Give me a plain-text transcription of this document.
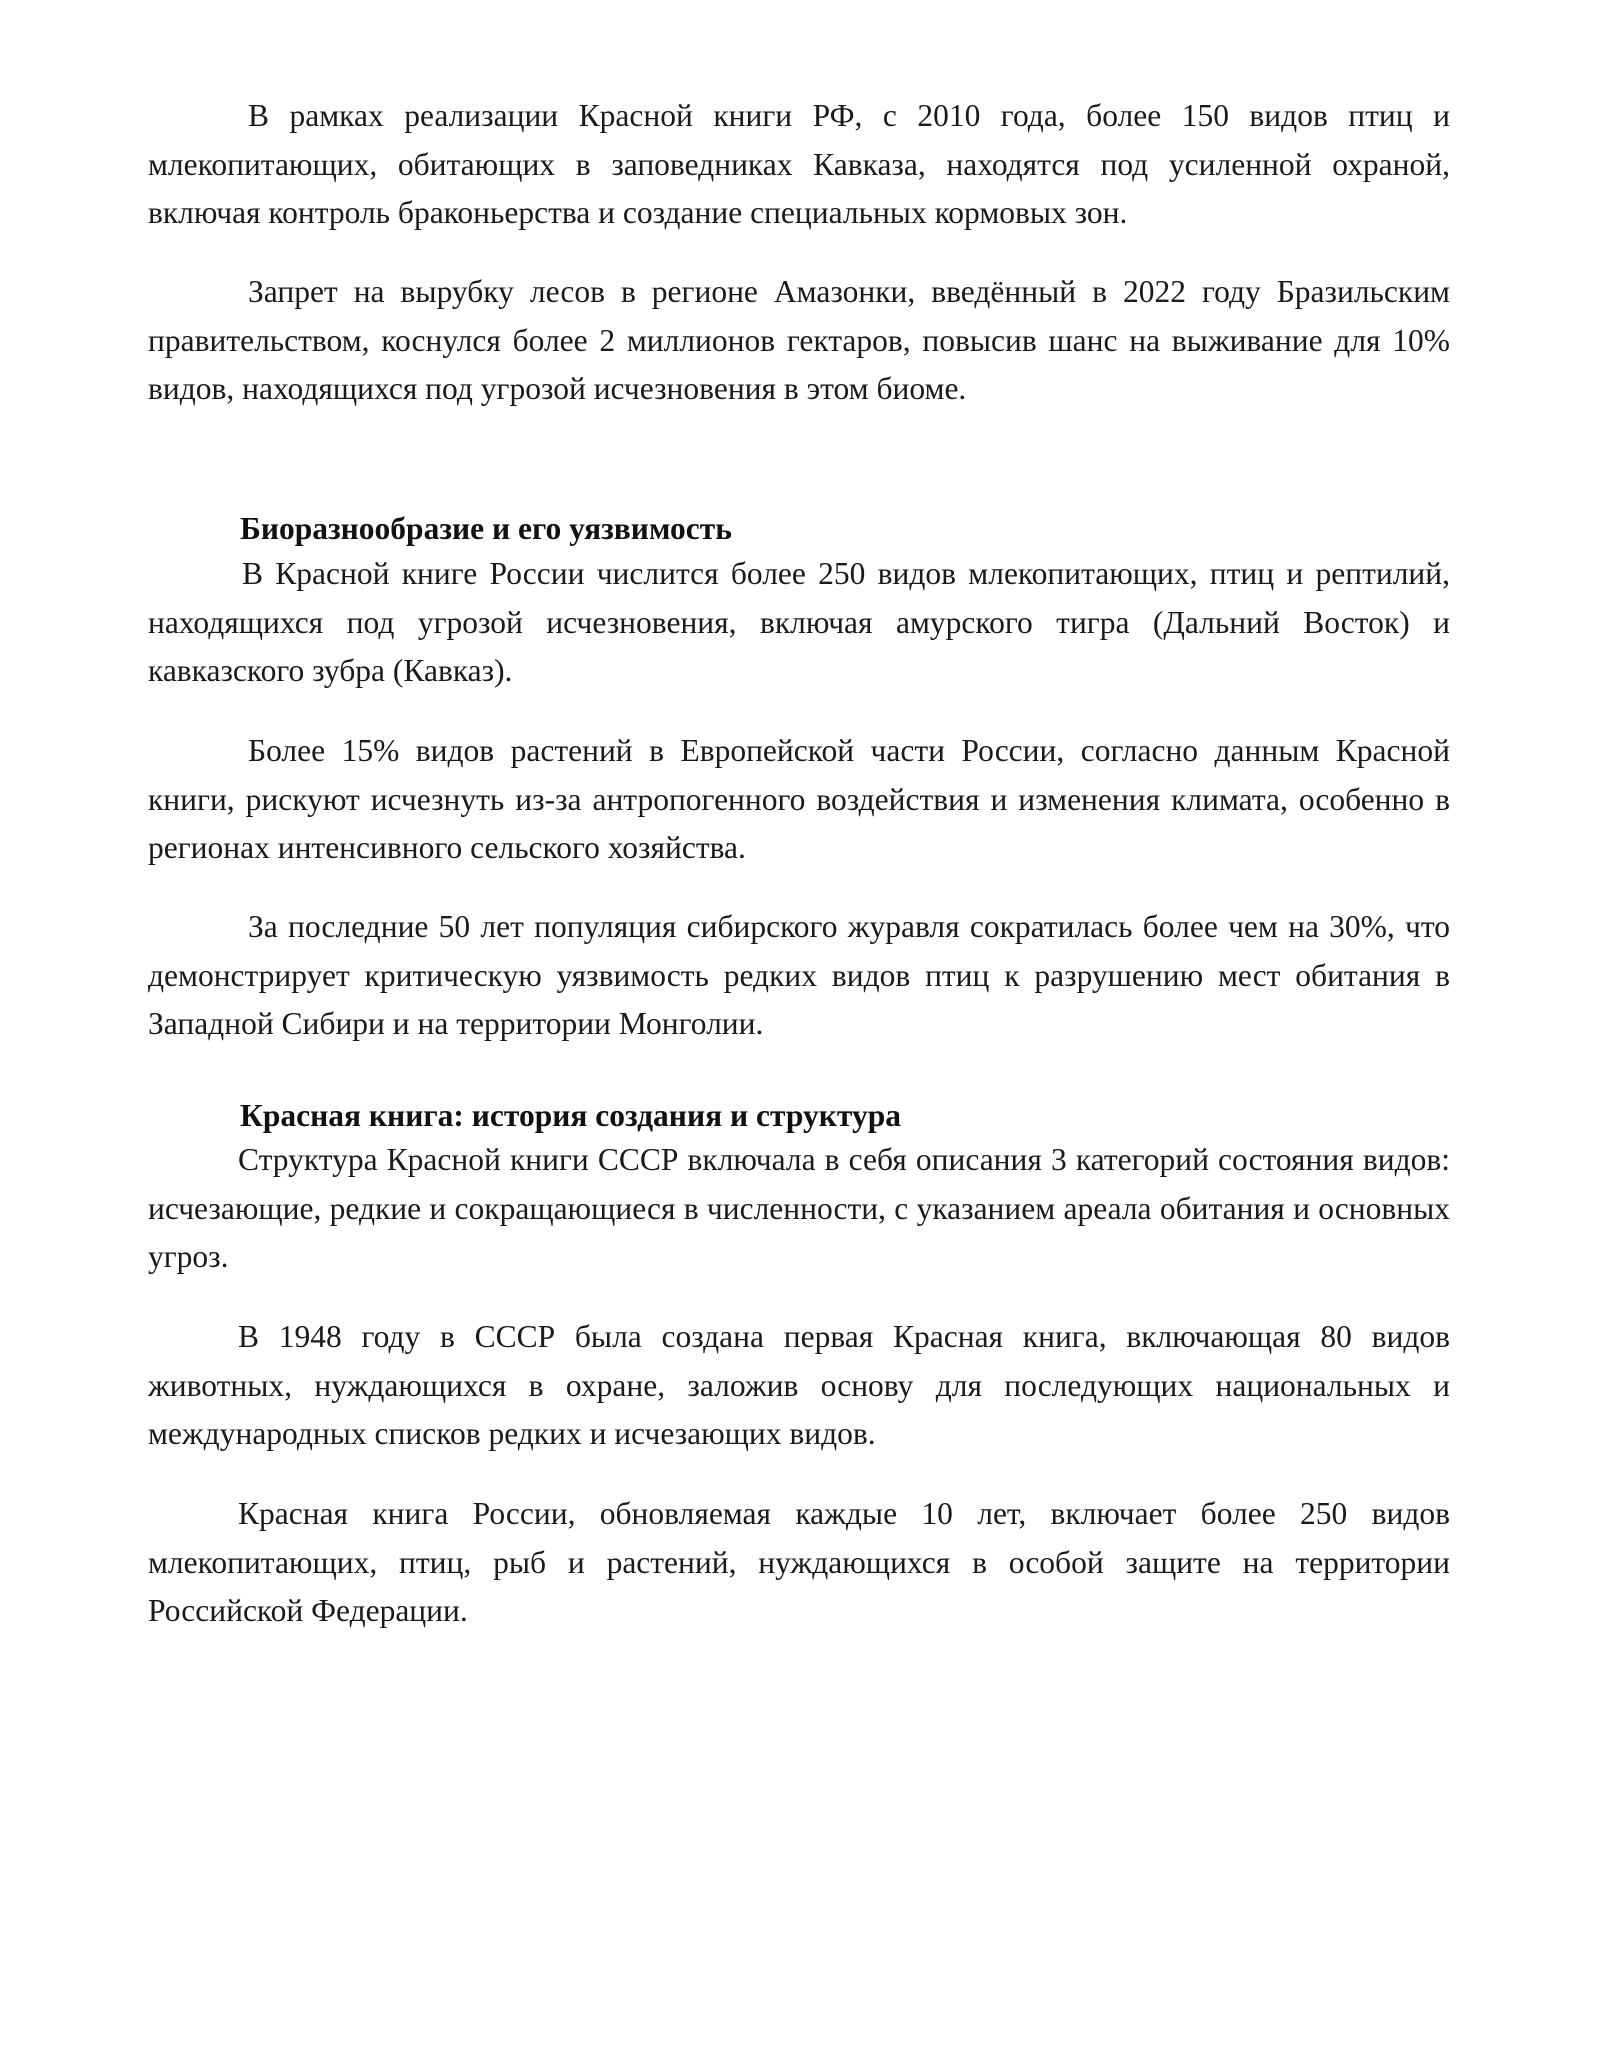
В рамках реализации Красной книги РФ, с 2010 года, более 150 видов птиц и млекопитающих, обитающих в заповедниках Кавказа, находятся под усиленной охраной, включая контроль браконьерства и создание специальных кормовых зон.

Запрет на вырубку лесов в регионе Амазонки, введённый в 2022 году Бразильским правительством, коснулся более 2 миллионов гектаров, повысив шанс на выживание для 10% видов, находящихся под угрозой исчезновения в этом биоме.

Биоразнообразие и его уязвимость

В Красной книге России числится более 250 видов млекопитающих, птиц и рептилий, находящихся под угрозой исчезновения, включая амурского тигра (Дальний Восток) и кавказского зубра (Кавказ).

Более 15% видов растений в Европейской части России, согласно данным Красной книги, рискуют исчезнуть из-за антропогенного воздействия и изменения климата, особенно в регионах интенсивного сельского хозяйства.

За последние 50 лет популяция сибирского журавля сократилась более чем на 30%, что демонстрирует критическую уязвимость редких видов птиц к разрушению мест обитания в Западной Сибири и на территории Монголии.

Красная книга: история создания и структура

Структура Красной книги СССР включала в себя описания 3 категорий состояния видов: исчезающие, редкие и сокращающиеся в численности, с указанием ареала обитания и основных угроз.

В 1948 году в СССР была создана первая Красная книга, включающая 80 видов животных, нуждающихся в охране, заложив основу для последующих национальных и международных списков редких и исчезающих видов.

Красная книга России, обновляемая каждые 10 лет, включает более 250 видов млекопитающих, птиц, рыб и растений, нуждающихся в особой защите на территории Российской Федерации.
